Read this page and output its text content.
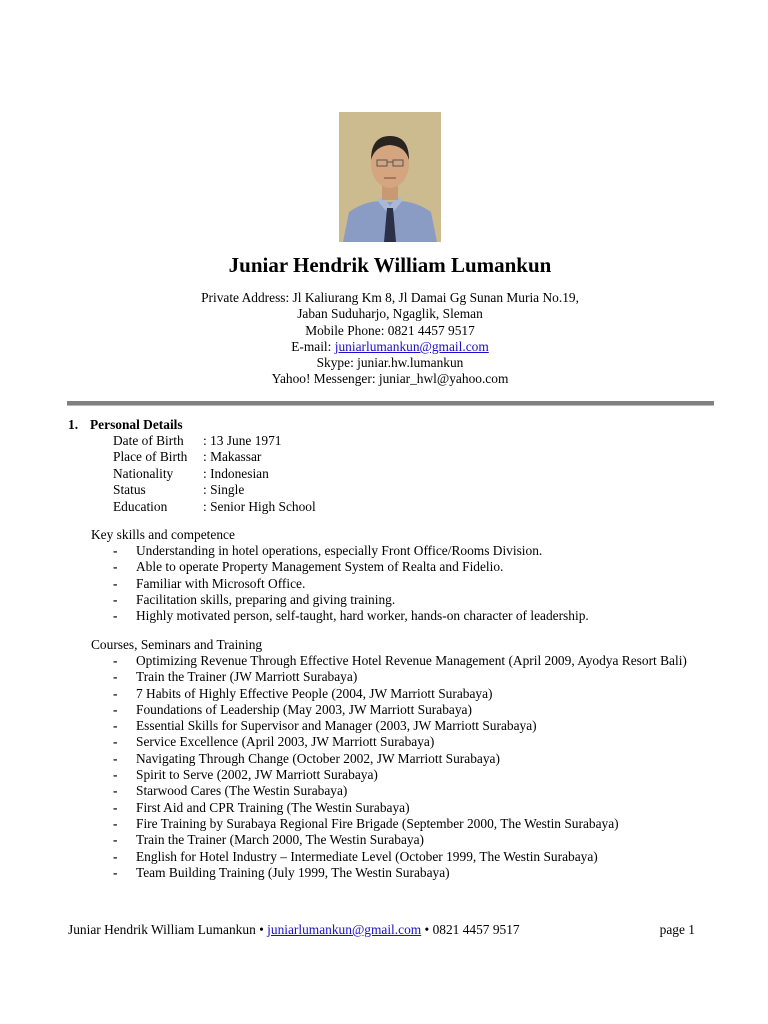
Juniar Hendrik William Lumankun
Private Address: Jl Kaliurang Km 8, Jl Damai Gg Sunan Muria No.19,
Jaban Suduharjo, Ngaglik, Sleman
Mobile Phone: 0821 4457 9517
E-mail: juniarlumankun@gmail.com
Skype: juniar.hw.lumankun
Yahoo! Messenger: juniar_hwl@yahoo.com
1. Personal Details
Date of Birth	: 13 June 1971
Place of Birth	: Makassar
Nationality	: Indonesian
Status	: Single
Education	: Senior High School
Key skills and competence
-	Understanding in hotel operations, especially Front Office/Rooms Division.
-	Able to operate Property Management System of Realta and Fidelio.
-	Familiar with Microsoft Office.
-	Facilitation skills, preparing and giving training.
-	Highly motivated person, self-taught, hard worker, hands-on character of leadership.
Courses, Seminars and Training
-	Optimizing Revenue Through Effective Hotel Revenue Management (April 2009, Ayodya Resort Bali)
-	Train the Trainer (JW Marriott Surabaya)
-	7 Habits of Highly Effective People (2004, JW Marriott Surabaya)
-	Foundations of Leadership (May 2003, JW Marriott Surabaya)
-	Essential Skills for Supervisor and Manager (2003, JW Marriott Surabaya)
-	Service Excellence (April 2003, JW Marriott Surabaya)
-	Navigating Through Change (October 2002, JW Marriott Surabaya)
-	Spirit to Serve (2002, JW Marriott Surabaya)
-	Starwood Cares (The Westin Surabaya)
-	First Aid and CPR Training (The Westin Surabaya)
-	Fire Training by Surabaya Regional Fire Brigade (September 2000, The Westin Surabaya)
-	Train the Trainer (March 2000, The Westin Surabaya)
-	English for Hotel Industry – Intermediate Level (October 1999, The Westin Surabaya)
-	Team Building Training (July 1999, The Westin Surabaya)
Juniar Hendrik William Lumankun • juniarlumankun@gmail.com • 0821 4457 9517	page 1
